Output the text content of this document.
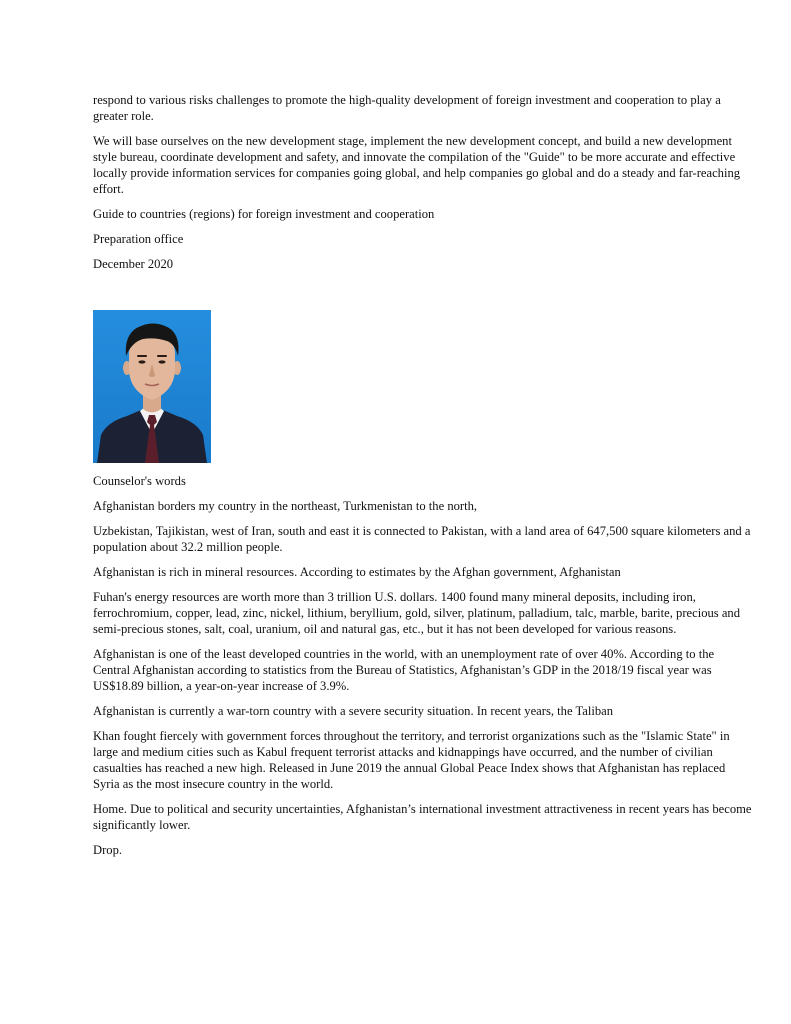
respond to various risks challenges to promote the high-quality development of foreign investment and cooperation to play a greater role.

We will base ourselves on the new development stage, implement the new development concept, and build a new development style bureau, coordinate development and safety, and innovate the compilation of the "Guide" to be more accurate and effective locally provide information services for companies going global, and help companies go global and do a steady and far-reaching effort.

Guide to countries (regions) for foreign investment and cooperation

Preparation office

December 2020

Counselor's words

Afghanistan borders my country in the northeast, Turkmenistan to the north,

Uzbekistan, Tajikistan, west of Iran, south and east it is connected to Pakistan, with a land area of 647,500 square kilometers and a population about 32.2 million people.

Afghanistan is rich in mineral resources. According to estimates by the Afghan government, Afghanistan

Fuhan's energy resources are worth more than 3 trillion U.S. dollars. 1400 found many mineral deposits, including iron, ferrochromium, copper, lead, zinc, nickel, lithium, beryllium, gold, silver, platinum, palladium, talc, marble, barite, precious and semi-precious stones, salt, coal, uranium, oil and natural gas, etc., but it has not been developed for various reasons.

Afghanistan is one of the least developed countries in the world, with an unemployment rate of over 40%. According to the Central Afghanistan according to statistics from the Bureau of Statistics, Afghanistan’s GDP in the 2018/19 fiscal year was US$18.89 billion, a year-on-year increase of 3.9%.

Afghanistan is currently a war-torn country with a severe security situation. In recent years, the Taliban

Khan fought fiercely with government forces throughout the territory, and terrorist organizations such as the "Islamic State" in large and medium cities such as Kabul frequent terrorist attacks and kidnappings have occurred, and the number of civilian casualties has reached a new high. Released in June 2019 the annual Global Peace Index shows that Afghanistan has replaced Syria as the most insecure country in the world.

Home. Due to political and security uncertainties, Afghanistan’s international investment attractiveness in recent years has become significantly lower.

Drop.
